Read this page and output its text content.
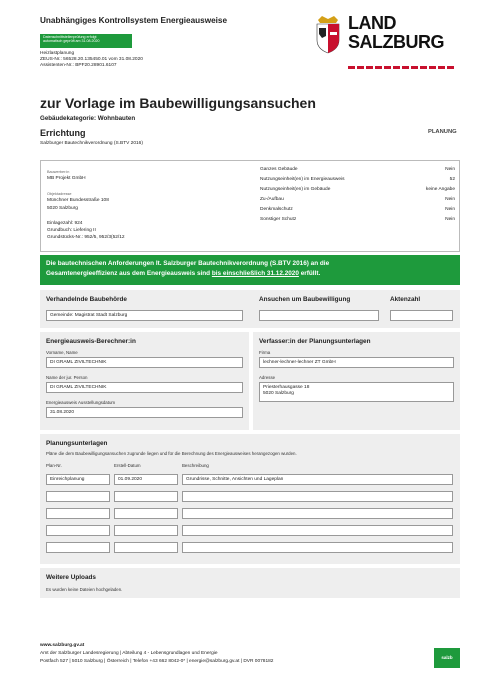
Unabhängiges Kontrollsystem Energieausweise
Datenschnittstellenprüfung erfolgt
automatisch geprüft am 31.08.2020
Heizlastplanung
ZEUS-Nr.: 56528.20.135450.01 vom 31.08.2020
Assistenten-Nr.: BPF20.28901.6107
LAND
SALZBURG
zur Vorlage im Baubewilligungsansuchen
Gebäudekategorie: Wohnbauten
Errichtung	PLANUNG
Salzburger Bautechnikverordnung (S.BTV 2016)
Bauwerber:in
MB Projekt GmbH
Objektadresse
Münchner Bundesstraße 108
5020 Salzburg
Einlagezahl: 924
Grundbuch: Liefering II
Grundstücks-Nr.: 952/5, 952/3(52/12
Ganzes Gebäude	Nein
Nutzungseinheit(en) im Energieausweis	52
Nutzungseinheit(en) im Gebäude	keine Angabe
Zu-/Aufbau	Nein
Denkmalschutz	Nein
Sonstiger Schutz	Nein
Die bautechnischen Anforderungen lt. Salzburger Bautechnikverordnung (S.BTV 2016) an die
Gesamtenergieeffizienz aus dem Energieausweis sind bis einschließlich 31.12.2020 erfüllt.
Verhandelnde Baubehörde
Gemeinde: Magistrat Stadt Salzburg
Ansuchen um Baubewilligung	Aktenzahl
Energieausweis-Berechner:in
Vorname, Name
DI GRAML ZIVILTECHNIK
Name der jur. Person
DI GRAML ZIVILTECHNIK
Energieausweis Ausstellungsdatum
31.08.2020
Verfasser:in der Planungsunterlagen
Firma
lechner-lechner-lechner ZT GmbH
Adresse
Priesterhausgasse 18
5020 Salzburg
Planungsunterlagen
Pläne die dem Baubewilligungsansuchen zugrunde liegen und für die Berechnung des Energieausweises herangezogen wurden.
Plan-Nr.	Erstell-Datum	Beschreibung
Einreichplanung	01.09.2020	Grundrisse, Schnitte, Ansichten und Lageplan
Weitere Uploads
Es wurden keine Dateien hochgeladen.
www.salzburg.gv.at
Amt der Salzburger Landesregierung | Abteilung 4 - Lebensgrundlagen und Energie
Postfach 527 | 5010 Salzburg | Österreich | Telefon +43 662 8042-0* | energie@salzburg.gv.at | DVR 0078182
salzb
